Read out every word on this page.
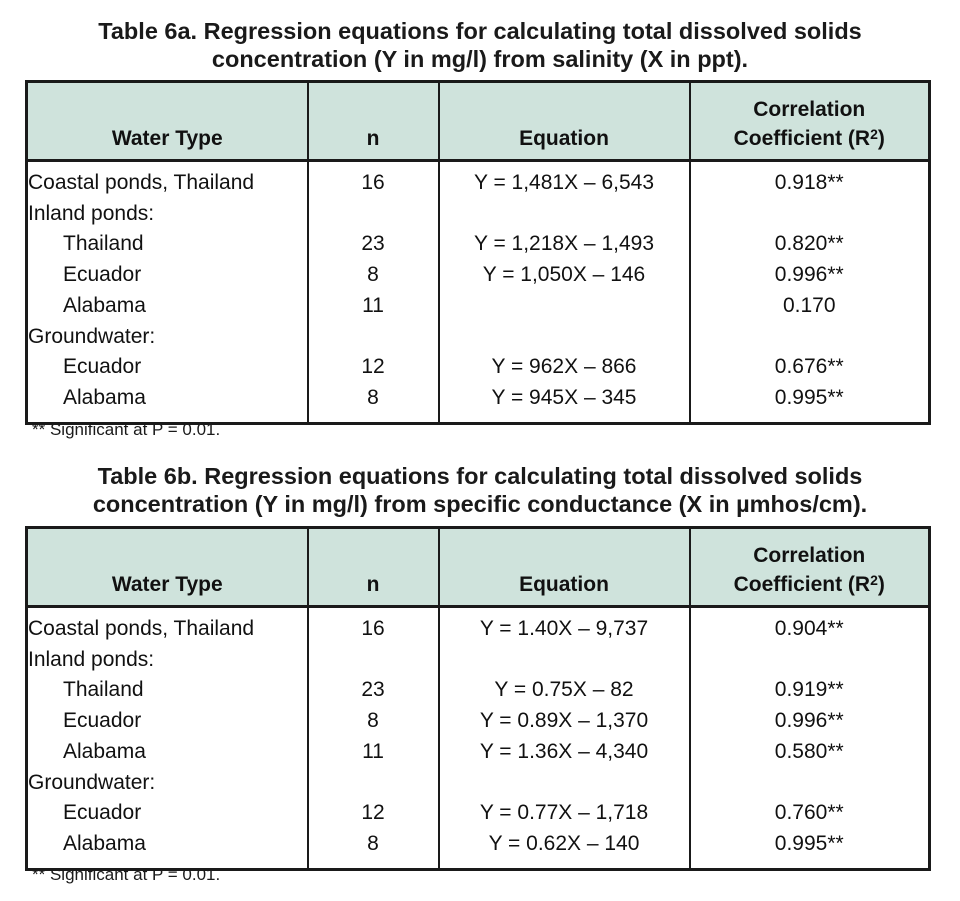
Table 6a. Regression equations for calculating total dissolved solids
concentration (Y in mg/l) from salinity (X in ppt).
Water Type	n	Equation	Correlation
Coefficient $(R^2)$
Coastal ponds, Thailand	16	Y = 1,481X – 6,543	0.918**
Inland ponds:			
Thailand	23	Y = 1,218X – 1,493	0.820**
Ecuador	8	Y = 1,050X – 146	0.996**
Alabama	11		0.170
Groundwater:			
Ecuador	12	Y = 962X – 866	0.676**
Alabama	8	Y = 945X – 345	0.995**
** Significant at P = 0.01.
Table 6b. Regression equations for calculating total dissolved solids
concentration (Y in mg/l) from specific conductance (X in µmhos/cm).
Water Type	n	Equation	Correlation
Coefficient $(R^2)$
Coastal ponds, Thailand	16	Y = 1.40X – 9,737	0.904**
Inland ponds:			
Thailand	23	Y = 0.75X – 82	0.919**
Ecuador	8	Y = 0.89X – 1,370	0.996**
Alabama	11	Y = 1.36X – 4,340	0.580**
Groundwater:			
Ecuador	12	Y = 0.77X – 1,718	0.760**
Alabama	8	Y = 0.62X – 140	0.995**
** Significant at P = 0.01.
